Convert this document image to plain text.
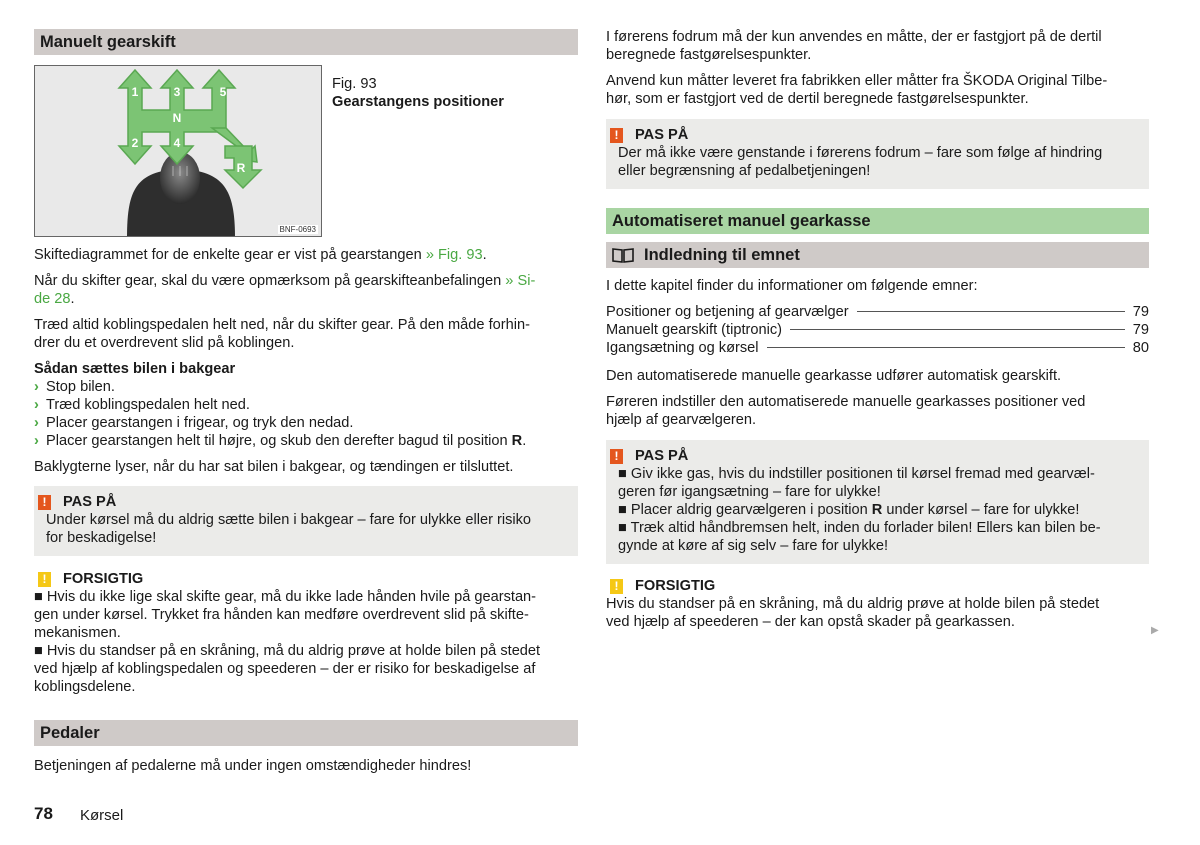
Manuelt gearskift
1	3	5
N
2	4
R
BNF-0693

Fig. 93

Gearstangens positioner

Skiftediagrammet for de enkelte gear er vist på gearstangen » Fig. 93.

Når du skifter gear, skal du være opmærksom på gearskifteanbefalingen » Si-
de 28.

Træd altid koblingspedalen helt ned, når du skifter gear. På den måde forhin-
drer du et overdrevent slid på koblingen.

Sådan sættes bilen i bakgear

› Stop bilen.
› Træd koblingspedalen helt ned.
› Placer gearstangen i frigear, og tryk den nedad.
› Placer gearstangen helt til højre, og skub den derefter bagud til position R.

Baklygterne lyser, når du har sat bilen i bakgear, og tændingen er tilsluttet.

!	PAS PÅ

Under kørsel må du aldrig sætte bilen i bakgear – fare for ulykke eller risiko

for beskadigelse!

!	FORSIGTIG

■ Hvis du ikke lige skal skifte gear, må du ikke lade hånden hvile på gearstan-

gen under kørsel. Trykket fra hånden kan medføre overdrevent slid på skifte-

mekanismen.

■ Hvis du standser på en skråning, må du aldrig prøve at holde bilen på stedet

ved hjælp af koblingspedalen og speederen – der er risiko for beskadigelse af

koblingsdelene.

Pedaler

Betjeningen af pedalerne må under ingen omstændigheder hindres!

I førerens fodrum må der kun anvendes en måtte, der er fastgjort på de dertil

beregnede fastgørelsespunkter.

Anvend kun måtter leveret fra fabrikken eller måtter fra ŠKODA Original Tilbe-

hør, som er fastgjort ved de dertil beregnede fastgørelsespunkter.

!	PAS PÅ

Der må ikke være genstande i førerens fodrum – fare som følge af hindring

eller begrænsning af pedalbetjeningen!

Automatiseret manuel gearkasse
Indledning til emnet

I dette kapitel finder du informationer om følgende emner:

Positioner og betjening af gearvælger	79
Manuelt gearskift (tiptronic)	79
Igangsætning og kørsel	80

Den automatiserede manuelle gearkasse udfører automatisk gearskift.

Føreren indstiller den automatiserede manuelle gearkasses positioner ved

hjælp af gearvælgeren.

!	PAS PÅ

■ Giv ikke gas, hvis du indstiller positionen til kørsel fremad med gearvæl-

geren før igangsætning – fare for ulykke!

■ Placer aldrig gearvælgeren i position R under kørsel – fare for ulykke!

■ Træk altid håndbremsen helt, inden du forlader bilen! Ellers kan bilen be-

gynde at køre af sig selv – fare for ulykke!

!	FORSIGTIG

Hvis du standser på en skråning, må du aldrig prøve at holde bilen på stedet

ved hjælp af speederen – der kan opstå skader på gearkassen.

▶
78 Kørsel
